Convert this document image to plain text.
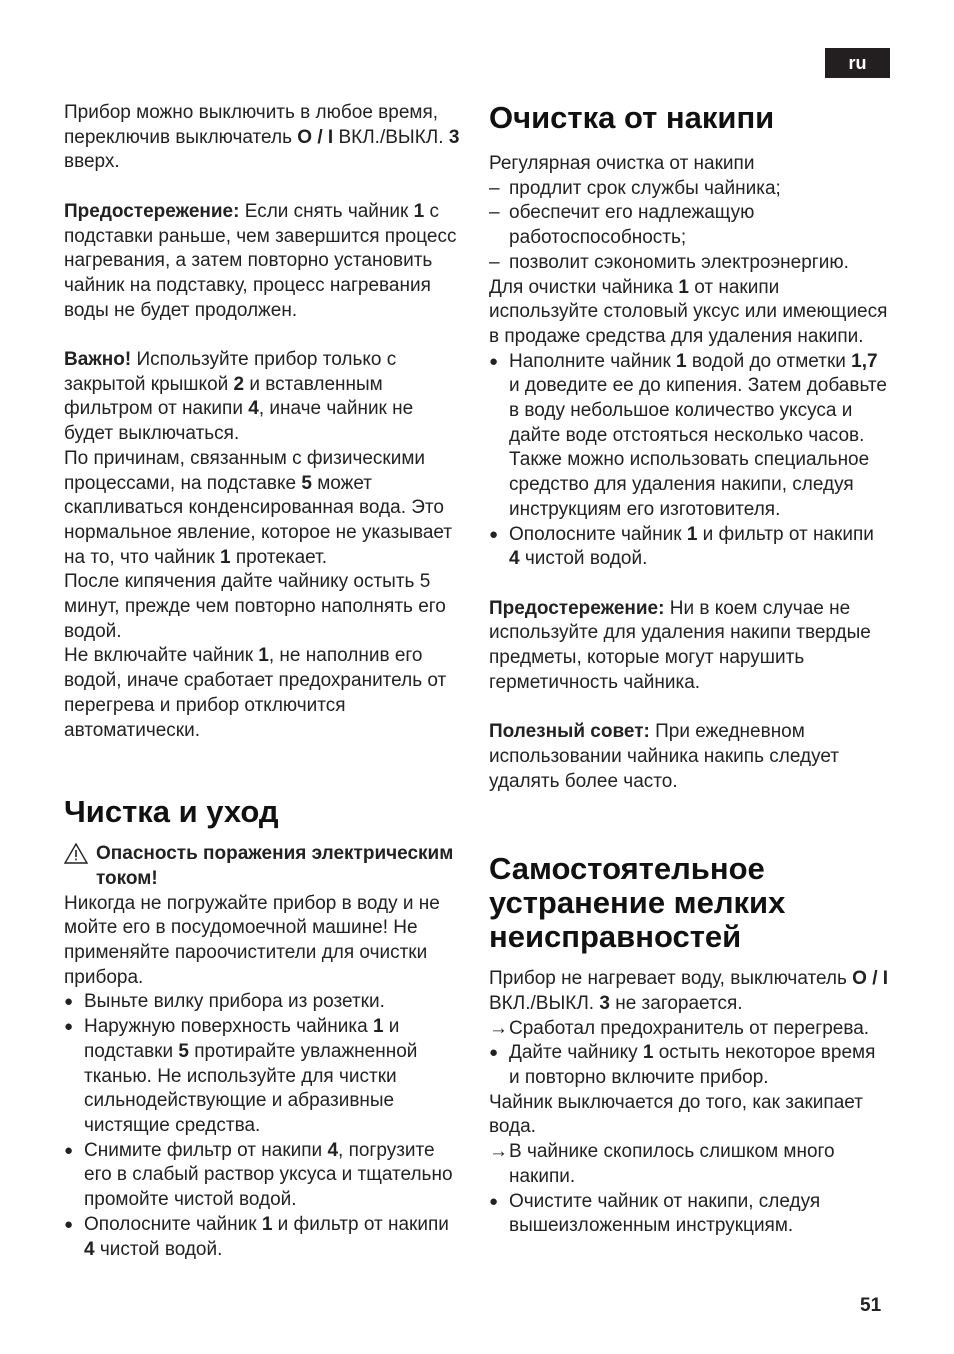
ru

Прибор можно выключить в любое время, переключив выключатель O / I ВКЛ./ВЫКЛ. 3 вверх.

Предостережение: Если снять чайник 1 с подставки раньше, чем завершится процесс нагревания, а затем повторно установить чайник на подставку, процесс нагревания воды не будет продолжен.

Важно! Используйте прибор только с закрытой крышкой 2 и вставленным фильтром от накипи 4, иначе чайник не будет выключаться.

По причинам, связанным с физическими процессами, на подставке 5 может скапливаться конденсированная вода. Это нормальное явление, которое не указывает на то, что чайник 1 протекает.

После кипячения дайте чайнику остыть 5 минут, прежде чем повторно наполнять его водой.

Не включайте чайник 1, не наполнив его водой, иначе сработает предохранитель от перегрева и прибор отключится автоматически.

Чистка и уход
Опасность поражения электрическим током!

Никогда не погружайте прибор в воду и не мойте его в посудомоечной машине! Не применяйте пароочистители для очистки прибора.

● Выньте вилку прибора из розетки.
● Наружную поверхность чайника 1 и подставки 5 протирайте увлажненной тканью. Не используйте для чистки сильнодействующие и абразивные чистящие средства.
● Снимите фильтр от накипи 4, погрузите его в слабый раствор уксуса и тщательно промойте чистой водой.
● Ополосните чайник 1 и фильтр от накипи 4 чистой водой.
Очистка от накипи

Регулярная очистка от накипи

– продлит срок службы чайника;
– обеспечит его надлежащую работоспособность;
– позволит сэкономить электроэнергию.

Для очистки чайника 1 от накипи используйте столовый уксус или имеющиеся в продаже средства для удаления накипи.

● Наполните чайник 1 водой до отметки 1,7 и доведите ее до кипения. Затем добавьте в воду небольшое количество уксуса и дайте воде отстояться несколько часов. Также можно использовать специальное средство для удаления накипи, следуя инструкциям его изготовителя.
● Ополосните чайник 1 и фильтр от накипи 4 чистой водой.

Предостережение: Ни в коем случае не используйте для удаления накипи твердые предметы, которые могут нарушить герметичность чайника.

Полезный совет: При ежедневном использовании чайника накипь следует удалять более часто.

Самостоятельное устранение мелких неисправностей

Прибор не нагревает воду, выключатель O / I ВКЛ./ВЫКЛ. 3 не загорается.

→ Сработал предохранитель от перегрева.
● Дайте чайнику 1 остыть некоторое время и повторно включите прибор.

Чайник выключается до того, как закипает вода.

→ В чайнике скопилось слишком много накипи.
● Очистите чайник от накипи, следуя вышеизложенным инструкциям.
51
